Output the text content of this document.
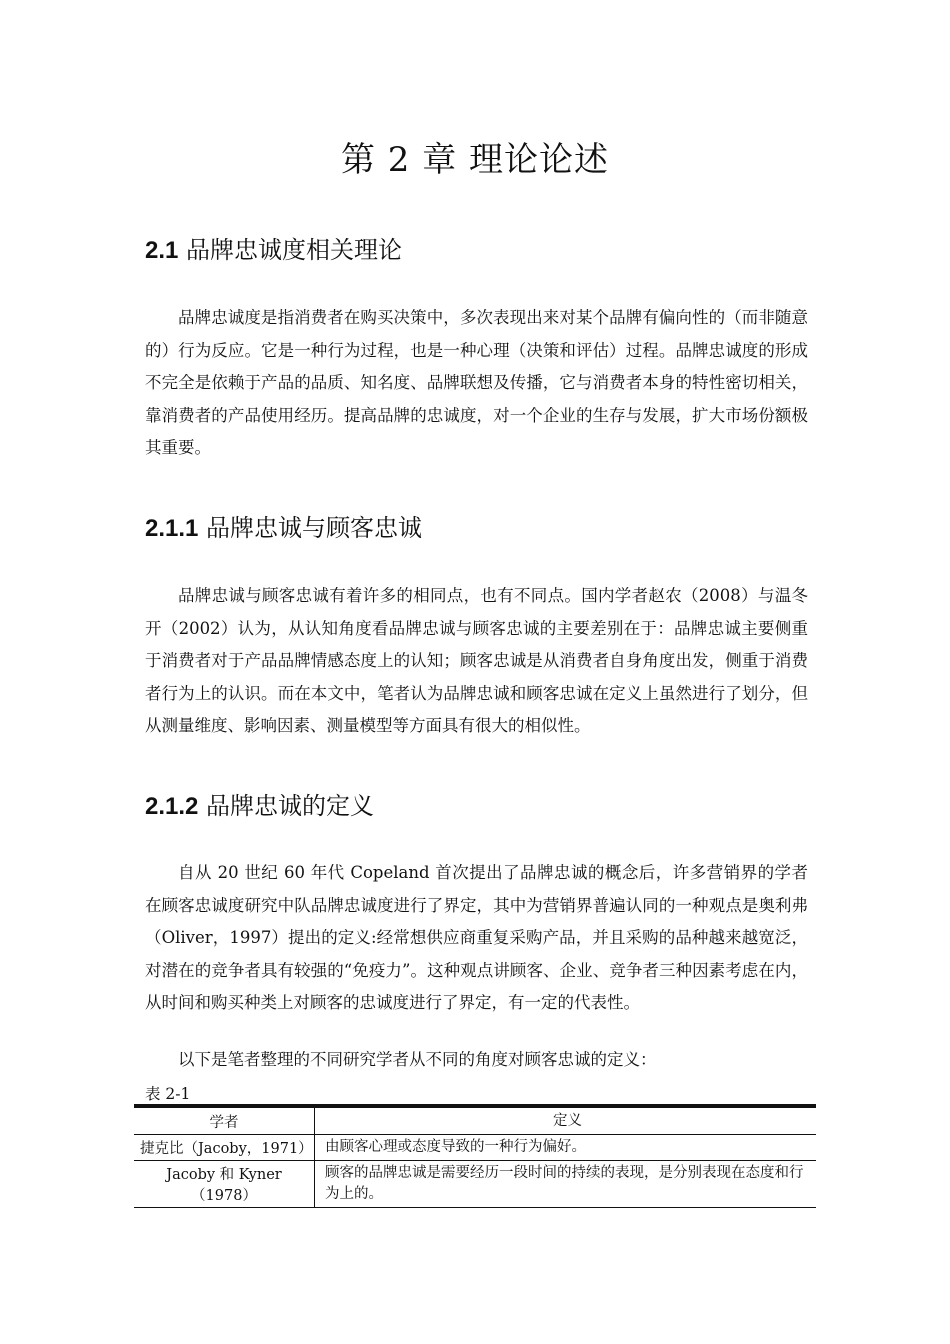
第 2 章 理论论述
2.1 品牌忠诚度相关理论

品牌忠诚度是指消费者在购买决策中，多次表现出来对某个品牌有偏向性的（而非随意的）行为反应。它是一种行为过程，也是一种心理（决策和评估）过程。品牌忠诚度的形成不完全是依赖于产品的品质、知名度、品牌联想及传播，它与消费者本身的特性密切相关，靠消费者的产品使用经历。提高品牌的忠诚度，对一个企业的生存与发展，扩大市场份额极其重要。

2.1.1 品牌忠诚与顾客忠诚

品牌忠诚与顾客忠诚有着许多的相同点，也有不同点。国内学者赵农（2008）与温冬开（2002）认为，从认知角度看品牌忠诚与顾客忠诚的主要差别在于：品牌忠诚主要侧重于消费者对于产品品牌情感态度上的认知；顾客忠诚是从消费者自身角度出发，侧重于消费者行为上的认识。而在本文中，笔者认为品牌忠诚和顾客忠诚在定义上虽然进行了划分，但从测量维度、影响因素、测量模型等方面具有很大的相似性。

2.1.2 品牌忠诚的定义

自从 20 世纪 60 年代 Copeland 首次提出了品牌忠诚的概念后，许多营销界的学者在顾客忠诚度研究中队品牌忠诚度进行了界定，其中为营销界普遍认同的一种观点是奥利弗（Oliver，1997）提出的定义:经常想供应商重复采购产品，并且采购的品种越来越宽泛，对潜在的竞争者具有较强的“免疫力”。这种观点讲顾客、企业、竞争者三种因素考虑在内，从时间和购买种类上对顾客的忠诚度进行了界定，有一定的代表性。

以下是笔者整理的不同研究学者从不同的角度对顾客忠诚的定义：

表 2-1
学者	定义
捷克比（Jacoby，1971）	由顾客心理或态度导致的一种行为偏好。
Jacoby 和 Kyner（1978）	顾客的品牌忠诚是需要经历一段时间的持续的表现，是分别表现在态度和行为上的。
